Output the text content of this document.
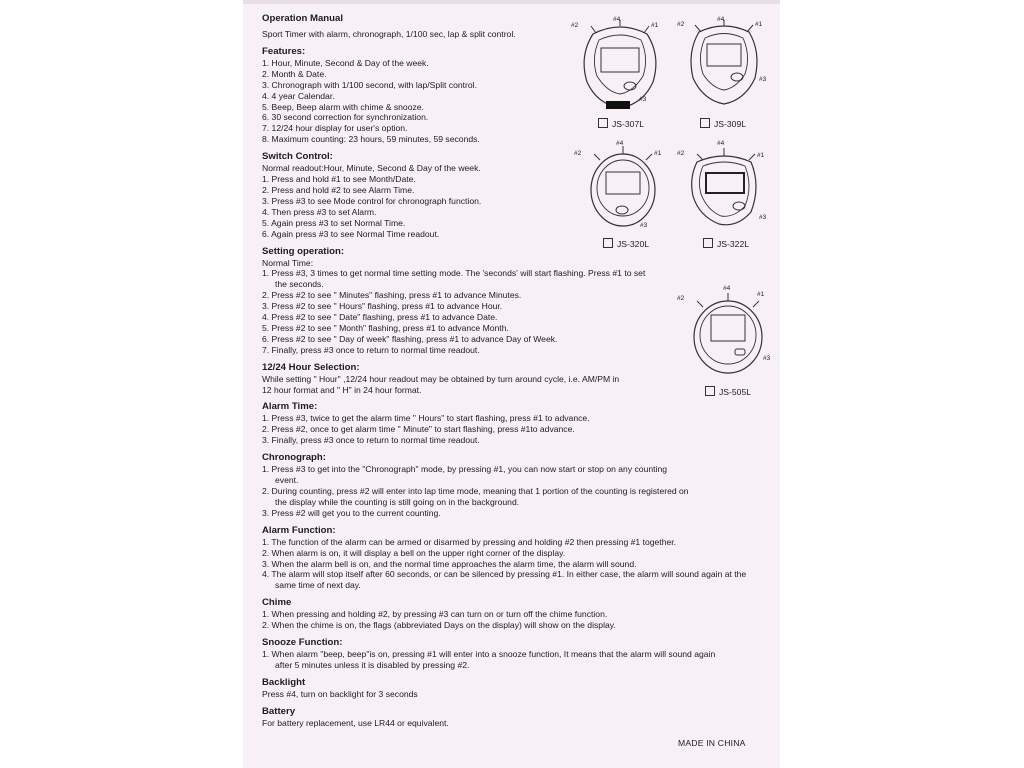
Operation Manual

Sport Timer with alarm, chronograph, 1/100 sec, lap & split control.

Features:
1. Hour, Minute, Second & Day of the week.
2. Month & Date.
3. Chronograph with 1/100 second, with lap/Split control.
4. 4 year Calendar.
5. Beep, Beep alarm with chime & snooze.
6. 30 second correction for synchronization.
7. 12/24 hour display for user's option.
8. Maximum counting: 23 hours, 59 minutes, 59 seconds.
Switch Control:

Normal readout:Hour, Minute, Second & Day of the week.

1. Press and hold #1 to see Month/Date.
2. Press and hold #2 to see Alarm Time.
3. Press #3 to see Mode control for chronograph function.
4. Then press #3 to set Alarm.
5. Again press #3 to set Normal Time.
6. Again press #3 to see Normal Time readout.
Setting operation:

Normal Time:

1. Press #3, 3 times to get normal time setting mode. The 'seconds' will start flashing. Press #1 to set the seconds.
2. Press #2 to see " Minutes" flashing, press #1 to advance Minutes.
3. Press #2 to see " Hours" flashing, press #1 to advance Hour.
4. Press #2 to see " Date" flashing, press #1 to advance Date.
5. Press #2 to see " Month" flashing, press #1 to advance Month.
6. Press #2 to see " Day of week" flashing, press #1 to advance Day of Week.
7. Finally, press #3 once to return to normal time readout.
12/24 Hour Selection:

While setting " Hour" ,12/24 hour readout may be obtained by turn around cycle, i.e. AM/PM in 12 hour format and " H" in 24 hour format.

Alarm Time:
1. Press #3, twice to get the alarm time " Hours" to start flashing, press #1 to advance.
2. Press #2, once to get alarm time " Minute" to start flashing, press #1to advance.
3. Finally, press #3 once to return to normal time readout.
Chronograph:
1. Press #3 to get into the "Chronograph" mode, by pressing #1, you can now start or stop on any counting event.
2. During counting, press #2 will enter into lap time mode, meaning that 1 portion of the counting is registered on the display while the counting is still going on in the background.
3. Press #2 will get you to the current counting.
Alarm Function:
1. The function of the alarm can be armed or disarmed by pressing and holding #2 then pressing #1 together.
2. When alarm is on, it will display a bell on the upper right corner of the display.
3. When the alarm bell is on, and the normal time approaches the alarm time, the alarm will sound.
4. The alarm will stop itself after 60 seconds, or can be silenced by pressing #1. In either case, the alarm will sound again at the same time of next day.
Chime
1. When pressing and holding #2, by pressing #3 can turn on or turn off the chime function.
2. When the chime is on, the flags (abbreviated Days on the display) will show on the display.
Snooze Function:
1. When alarm "beep, beep"is on, pressing #1 will enter into a snooze function, It means that the alarm will sound again after 5 minutes unless it is disabled by pressing #2.
Backlight

Press #4, turn on backlight for 3 seconds

Battery

For battery replacement, use LR44 or equivalent.

MADE IN CHINA
#4
#2	#1
#3
JS-307L
#4
#2	#1
#3
JS-309L
#4
#2	#1
#3
JS-320L
#4
#2	#1
#3
JS-322L
#4
#2
#1
#3
JS-505L
